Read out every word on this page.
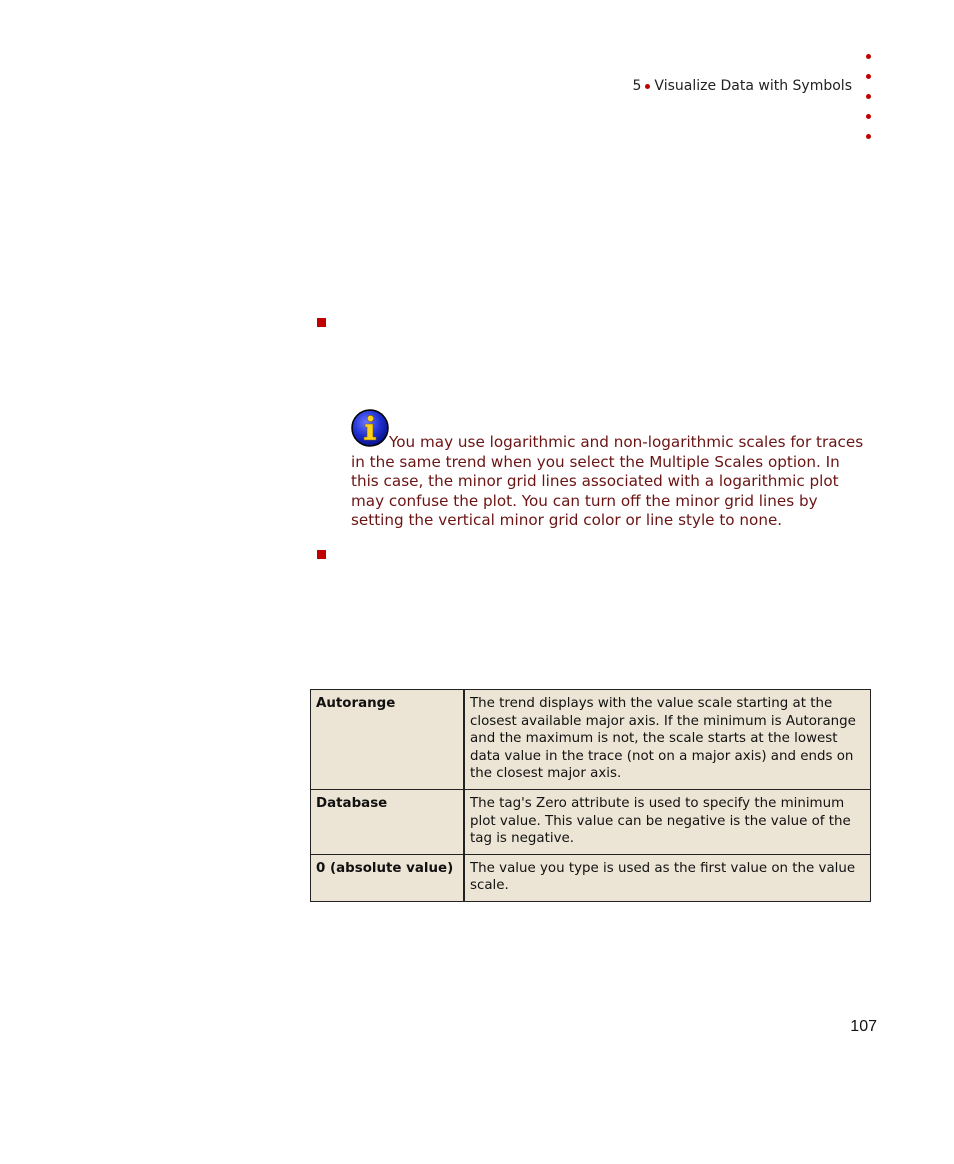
5 Visualize Data with Symbols
You may use logarithmic and non-logarithmic scales for traces in the same trend when you select the Multiple Scales option. In this case, the minor grid lines associated with a logarithmic plot may confuse the plot. You can turn off the minor grid lines by setting the vertical minor grid color or line style to none.
Autorange	The trend displays with the value scale starting at the closest available major axis. If the minimum is Autorange and the maximum is not, the scale starts at the lowest data value in the trace (not on a major axis) and ends on the closest major axis.
Database	The tag's Zero attribute is used to specify the minimum plot value. This value can be negative is the value of the tag is negative.
0 (absolute value)	The value you type is used as the first value on the value scale.
107
